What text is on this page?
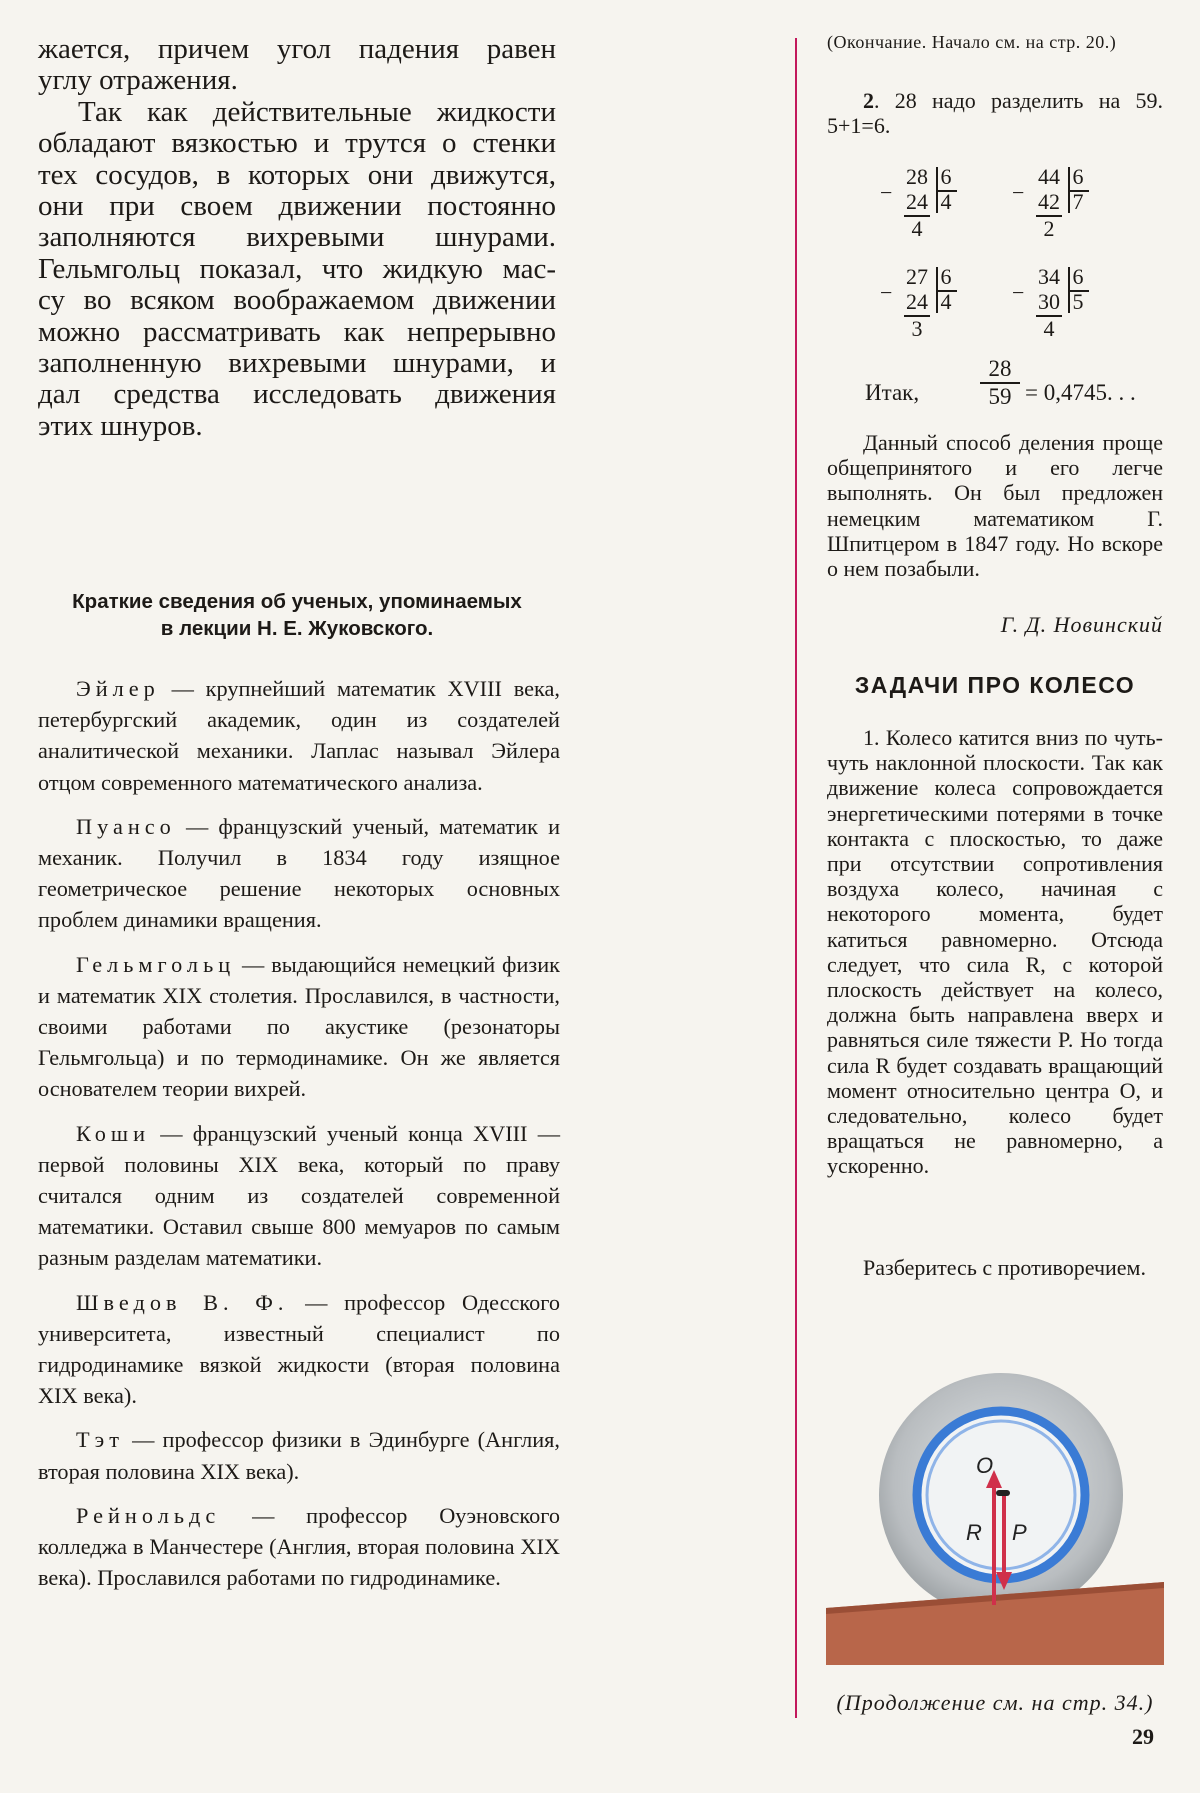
жается, причем угол падения равен

углу отражения.

Так как действительные жидкости

обладают вязкостью и трутся о стенки

тех сосудов, в которых они движутся,

они при своем движении постоянно

заполняются вихревыми шнурами.

Гельмгольц показал, что жидкую мас-

су во всяком воображаемом движении

можно рассматривать как непрерывно

заполненную вихревыми шнурами, и

дал средства исследовать движения

этих шнуров.

Краткие сведения об ученых, упоминаемых
в лекции Н. Е. Жуковского.

Эйлер — крупнейший математик XVIII века, петербургский академик, один из создателей аналитической механики. Лаплас называл Эйлера отцом современного математического анализа.

Пуансо — французский ученый, математик и механик. Получил в 1834 году изящное геометрическое решение некоторых основных проблем динамики вращения.

Гельмгольц — выдающийся немецкий физик и математик XIX столетия. Прославился, в частности, своими работами по акустике (резонаторы Гельмгольца) и по термодинамике. Он же является основателем теории вихрей.

Коши — французский ученый конца XVIII — первой половины XIX века, который по праву считался одним из создателей современной математики. Оставил свыше 800 мемуаров по самым разным разделам математики.

Шведов В. Ф. — профессор Одесского университета, известный специалист по гидродинамике вязкой жидкости (вторая половина XIX века).

Тэт — профессор физики в Эдинбурге (Англия, вторая половина XIX века).

Рейнольдс — профессор Оуэновского колледжа в Манчестере (Англия, вторая половина XIX века). Прославился работами по гидродинамике.

(Окончание. Начало см. на стр. 20.)

2. 28 надо разделить на 59. 5+1=6.

−
28
24
4
6
4	−
44
42
2
6
7
−
27
24
3
6
4	−
34
30
4
6
5
Итак,
28
59 = 0,4745. . .

Данный способ деления проще общепринятого и его легче выполнять. Он был предложен немецким математиком Г. Шпитцером в 1847 году. Но вскоре о нем позабыли.

Г. Д. Новинский
ЗАДАЧИ ПРО КОЛЕСО

1. Колесо катится вниз по чуть-чуть наклонной плоскости. Так как движение колеса сопровождается энергетическими потерями в точке контакта с плоскостью, то даже при отсутствии сопротивления воздуха колесо, начиная с некоторого момента, будет катиться равномерно. Отсюда следует, что сила R, с которой плоскость действует на колесо, должна быть направлена вверх и равняться силе тяжести P. Но тогда сила R будет создавать вращающий момент относительно центра O, и следовательно, колесо будет вращаться не равномерно, а ускоренно.

Разберитесь с противоречием.

O
R P
(Продолжение см. на стр. 34.)
29
